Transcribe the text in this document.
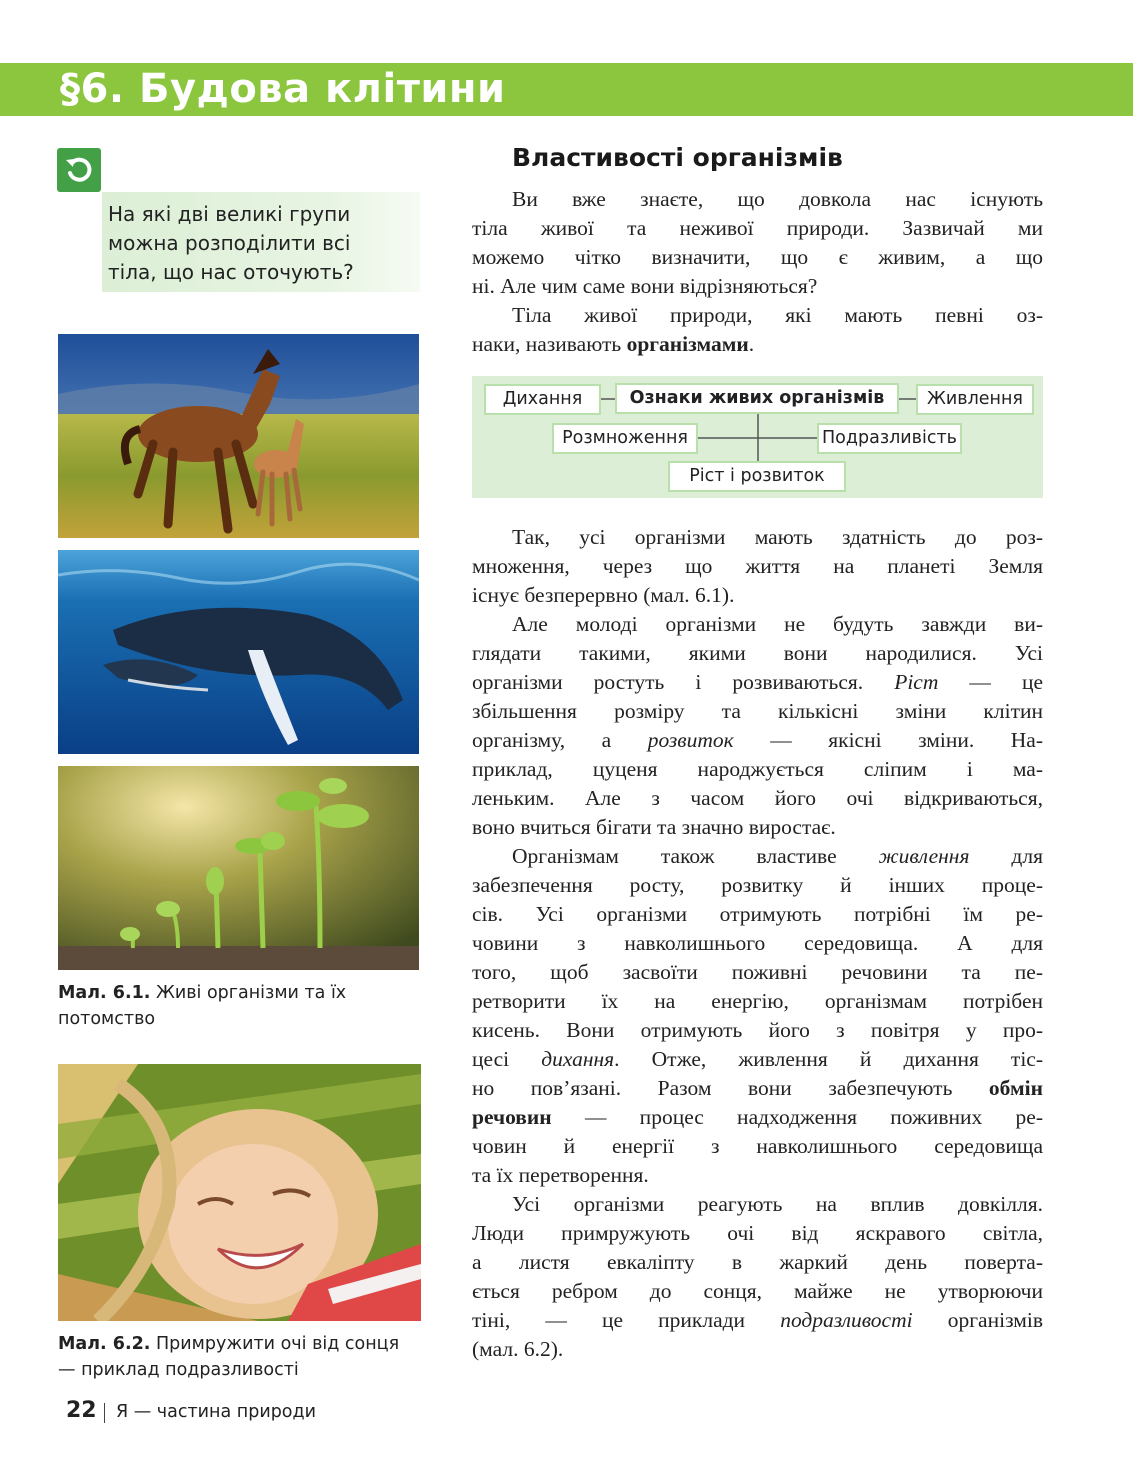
§6. Будова клітини
На які дві великі групи
можна розподілити всі
тіла, що нас оточують?
Мал. 6.1. Живі організми та їх потомство
Мал. 6.2. Примружити очі від сонця — приклад подразливості
Властивості організмів
Ви вже знаєте, що довкола нас існують
тіла живої та неживої природи. Зазвичай ми
можемо чітко визначити, що є живим, а що
ні. Але чим саме вони відрізняються?
Тіла живої природи, які мають певні оз-
наки, називають організмами.
Дихання	Ознаки живих організмів	Живлення
Розмноження	Подразливість
Ріст і розвиток
Так, усі організми мають здатність до роз-
множення, через що життя на планеті Земля
існує безперервно (мал. 6.1).
Але молоді організми не будуть завжди ви-
глядати такими, якими вони народилися. Усі
організми ростуть і розвиваються. Ріст — це
збільшення розміру та кількісні зміни клітин
організму, а розвиток — якісні зміни. На-
приклад, цуценя народжується сліпим і ма-
леньким. Але з часом його очі відкриваються,
воно вчиться бігати та значно виростає.
Організмам також властиве живлення для
забезпечення росту, розвитку й інших проце-
сів. Усі організми отримують потрібні їм ре-
човини з навколишнього середовища. А для
того, щоб засвоїти поживні речовини та пе-
ретворити їх на енергію, організмам потрібен
кисень. Вони отримують його з повітря у про-
цесі дихання. Отже, живлення й дихання тіс-
но пов’язані. Разом вони забезпечують обмін
речовин — процес надходження поживних ре-
човин й енергії з навколишнього середовища
та їх перетворення.
Усі організми реагують на вплив довкілля.
Люди примружують очі від яскравого світла,
а листя евкаліпту в жаркий день поверта-
ється ребром до сонця, майже не утворюючи
тіні, — це приклади подразливості організмів
(мал. 6.2).
22 Я — частина природи
